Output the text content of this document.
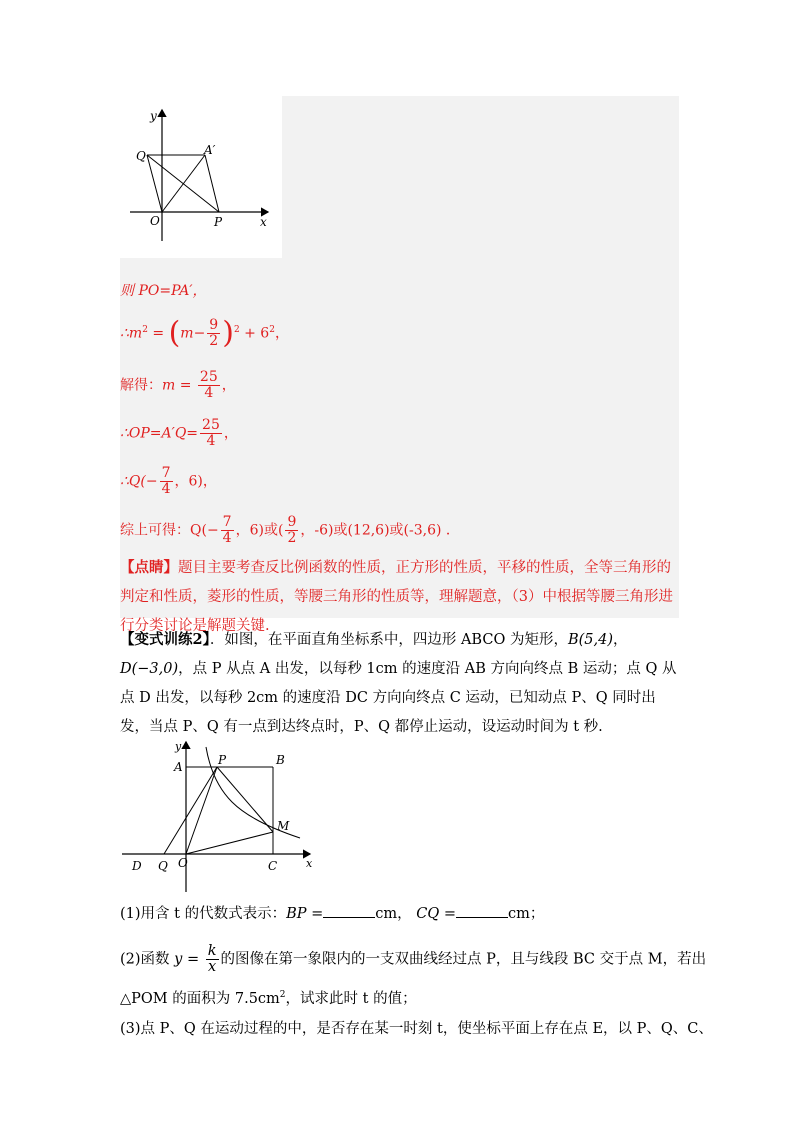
y
x
Q	A′
O	P
则 PO=PA′，
$\therefore m^2 = (m- \frac{9}{2} )^2 + 6^2$，
解得：$m = \frac{25}{4}$ ，
∴OP=A′Q= $\frac{25}{4}$ ，
∴Q(− $\frac{7}{4}$ ，6)，
综上可得：$Q(- \frac{7}{4}$ ，6)或( $\frac{9}{2}$ ，-6)或(12,6)或(-3,6) ．
【点睛】题目主要考查反比例函数的性质，正方形的性质，平移的性质，全等三角形的判定和性质，菱形的性质，等腰三角形的性质等，理解题意，（3）中根据等腰三角形进行分类讨论是解题关键.
【变式训练2】．如图，在平面直角坐标系中，四边形 ABCO 为矩形，B(5,4)，D(−3,0)，点 P 从点 A 出发，以每秒 1cm 的速度沿 AB 方向向终点 B 运动；点 Q 从点 D 出发，以每秒 2cm 的速度沿 DC 方向向终点 C 运动，已知动点 P、Q 同时出发，当点 P、Q 有一点到达终点时，P、Q 都停止运动，设运动时间为 t 秒.
y
x
A	P	B
M
D Q O	C
(1)用含 t 的代数式表示：BP =	cm， CQ =	cm；
(2)函数 $y = \frac{k}{x}$ 的图像在第一象限内的一支双曲线经过点 P，且与线段 BC 交于点 M，若出
△POM 的面积为 $7.5cm^2$，试求此时 t 的值；
(3)点 P、Q 在运动过程的中，是否存在某一时刻 t，使坐标平面上存在点 E，以 P、Q、C、
